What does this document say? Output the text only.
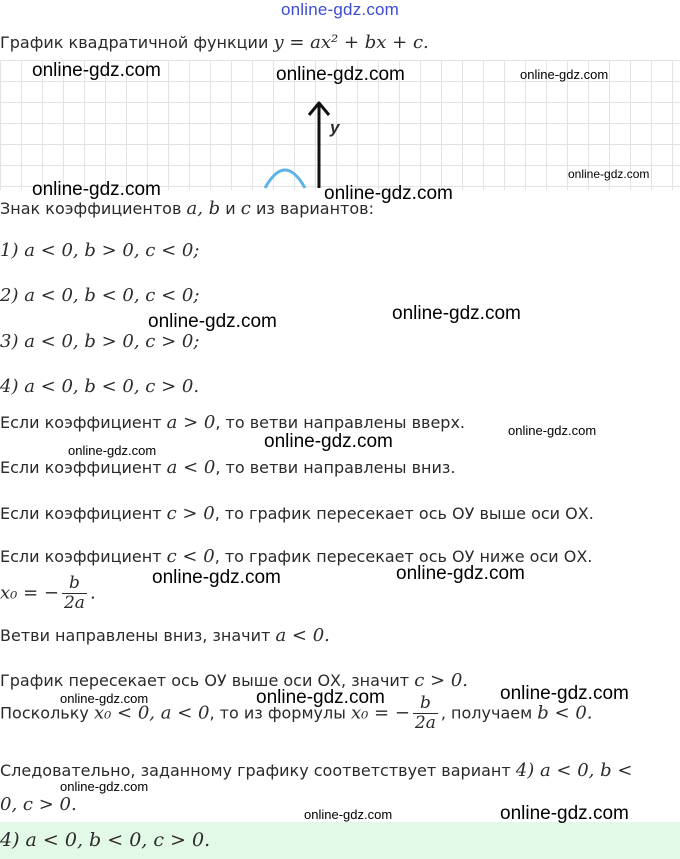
online-gdz.com
График квадратичной функции y = ax² + bx + c.
y
Знак коэффициентов a, b и c из вариантов:
1) a < 0, b > 0, c < 0;
2) a < 0, b < 0, c < 0;
3) a < 0, b > 0, c > 0;
4) a < 0, b < 0, c > 0.
Если коэффициент a > 0, то ветви направлены вверх.
Если коэффициент a < 0, то ветви направлены вниз.
Если коэффициент c > 0, то график пересекает ось ОУ выше оси ОХ.
Если коэффициент c < 0, то график пересекает ось ОУ ниже оси ОХ.
x₀ = − $\frac{b}{2a}$ .
Ветви направлены вниз, значит a < 0.
График пересекает ось ОУ выше оси ОХ, значит c > 0.
Поскольку x₀ < 0, a < 0, то из формулы x₀ = − $\frac{b}{2a}$ , получаем b < 0.
Следовательно, заданному графику соответствует вариант 4) a < 0, b <
0, c > 0.
4) a < 0, b < 0, c > 0.
online-gdz.com	online-gdz.com	online-gdz.com
online-gdz.com
online-gdz.com	online-gdz.com
online-gdz.com	online-gdz.com
online-gdz.com
online-gdz.com
online-gdz.com
online-gdz.com	online-gdz.com
online-gdz.com	online-gdz.com	online-gdz.com
online-gdz.com
online-gdz.com	online-gdz.com
